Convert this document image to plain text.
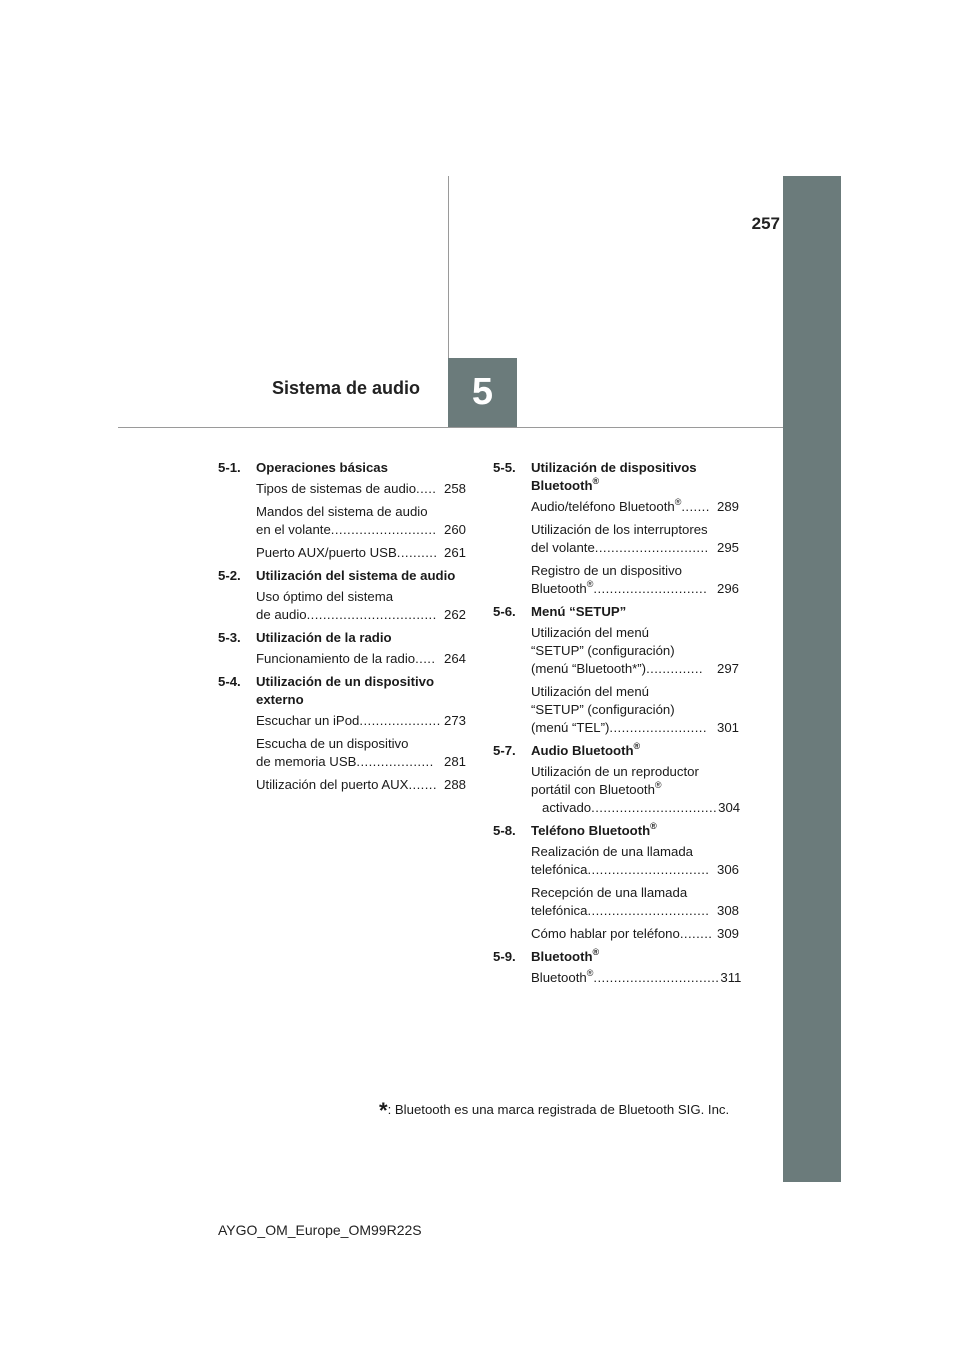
257
Sistema de audio	5
5-1.	Operaciones básicas
Tipos de sistemas de audio..... 258
Mandos del sistema de audio
en el volante.......................... 260
Puerto AUX/puerto USB.......... 261
5-2.	Utilización del sistema de audio
Uso óptimo del sistema
de audio................................ 262
5-3.	Utilización de la radio
Funcionamiento de la radio..... 264
5-4.	Utilización de un dispositivo externo
Escuchar un iPod.................... 273
Escucha de un dispositivo
de memoria USB................... 281
Utilización del puerto AUX....... 288
5-5.	Utilización de dispositivos Bluetooth®
Audio/teléfono Bluetooth®....... 289
Utilización de los interruptores
del volante............................ 295
Registro de un dispositivo
Bluetooth®............................ 296
5-6.	Menú “SETUP”
Utilización del menú
“SETUP” (configuración)
(menú “Bluetooth*”)..............	297
Utilización del menú
“SETUP” (configuración)
(menú “TEL”)........................ 301
5-7.	Audio Bluetooth®
Utilización de un reproductor
portátil con Bluetooth® activado............................... 304
5-8.	Teléfono Bluetooth®
Realización de una llamada
telefónica.............................. 306
Recepción de una llamada
telefónica.............................. 308
Cómo hablar por teléfono........ 309
5-9.	Bluetooth®
Bluetooth®............................... 311
*: Bluetooth es una marca registrada de Bluetooth SIG. Inc.
AYGO_OM_Europe_OM99R22S
